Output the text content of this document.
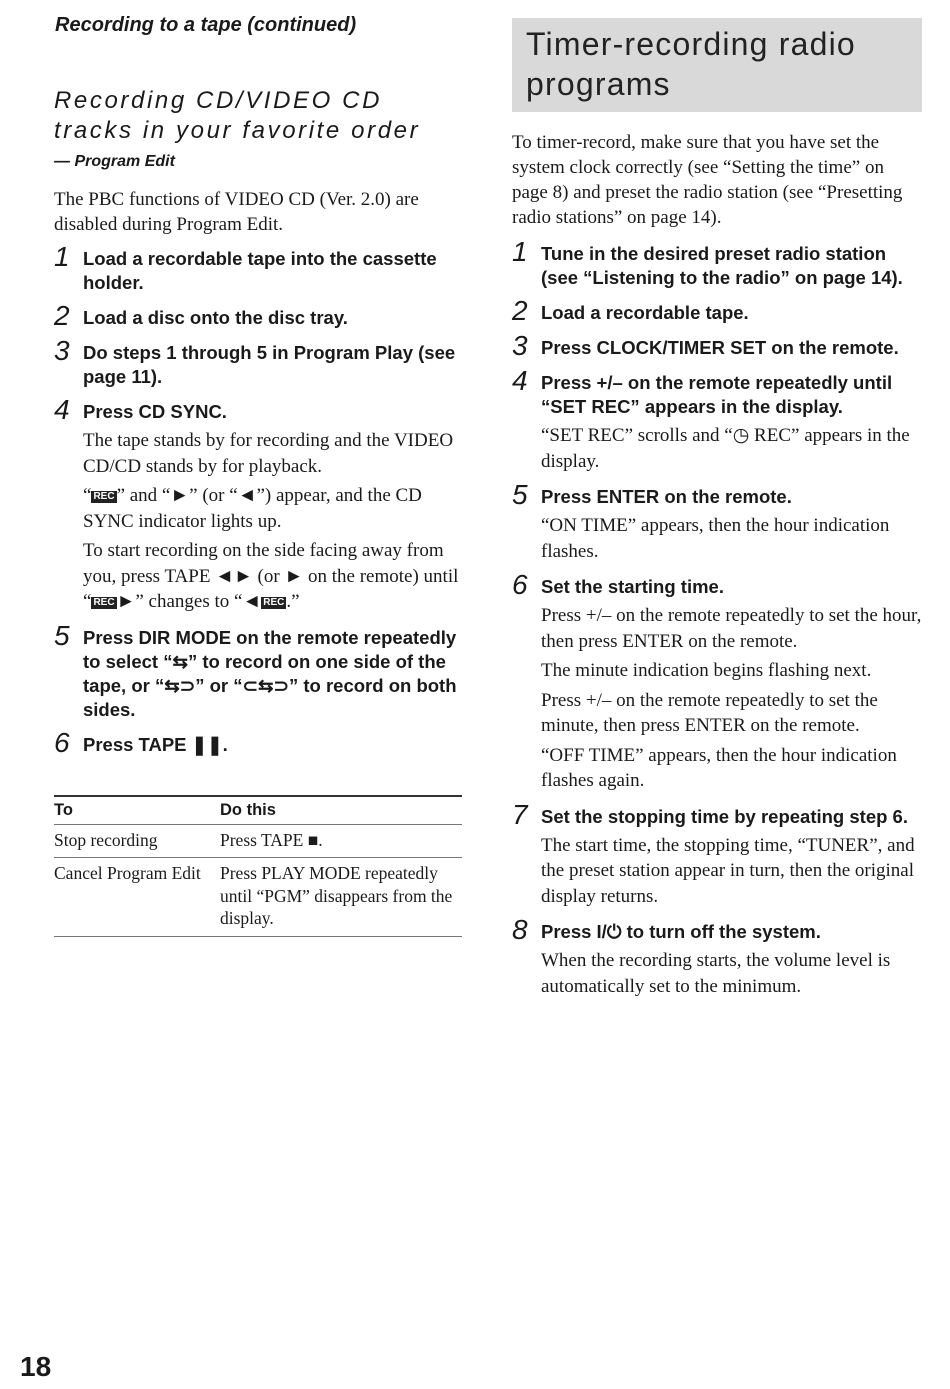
Recording to a tape (continued)
Recording CD/VIDEO CD
tracks in your favorite order
— Program Edit
The PBC functions of VIDEO CD (Ver. 2.0) are disabled during Program Edit.
1 Load a recordable tape into the cassette holder.
2 Load a disc onto the disc tray.
3 Do steps 1 through 5 in Program Play (see page 11).
4 Press CD SYNC.

The tape stands by for recording and the VIDEO CD/CD stands by for playback.

“ REC ” and “►” (or “◄”) appear, and the CD SYNC indicator lights up.

To start recording on the side facing away from you, press TAPE ◄► (or ► on the remote) until “ REC ►” changes to “◄ REC .”

5 Press DIR MODE on the remote repeatedly to select “⇆” to record on one side of the tape, or “⇆⊃” or “⊂⇆⊃” to record on both sides.
6 Press TAPE ❚❚.
To	Do this
Stop recording	Press TAPE ■.
Cancel Program Edit	Press PLAY MODE repeatedly until “PGM” disappears from the display.
Timer-recording radio programs
To timer-record, make sure that you have set the system clock correctly (see “Setting the time” on page 8) and preset the radio station (see “Presetting radio stations” on page 14).
1 Tune in the desired preset radio station (see “Listening to the radio” on page 14).
2 Load a recordable tape.
3 Press CLOCK/TIMER SET on the remote.
4 Press +/– on the remote repeatedly until “SET REC” appears in the display.

“SET REC” scrolls and “◷ REC” appears in the display.

5 Press ENTER on the remote.

“ON TIME” appears, then the hour indication flashes.

6 Set the starting time.

Press +/– on the remote repeatedly to set the hour, then press ENTER on the remote.

The minute indication begins flashing next.

Press +/– on the remote repeatedly to set the minute, then press ENTER on the remote.

“OFF TIME” appears, then the hour indication flashes again.

7 Set the stopping time by repeating step 6.

The start time, the stopping time, “TUNER”, and the preset station appear in turn, then the original display returns.

8 Press I/⏻ to turn off the system.

When the recording starts, the volume level is automatically set to the minimum.

18
